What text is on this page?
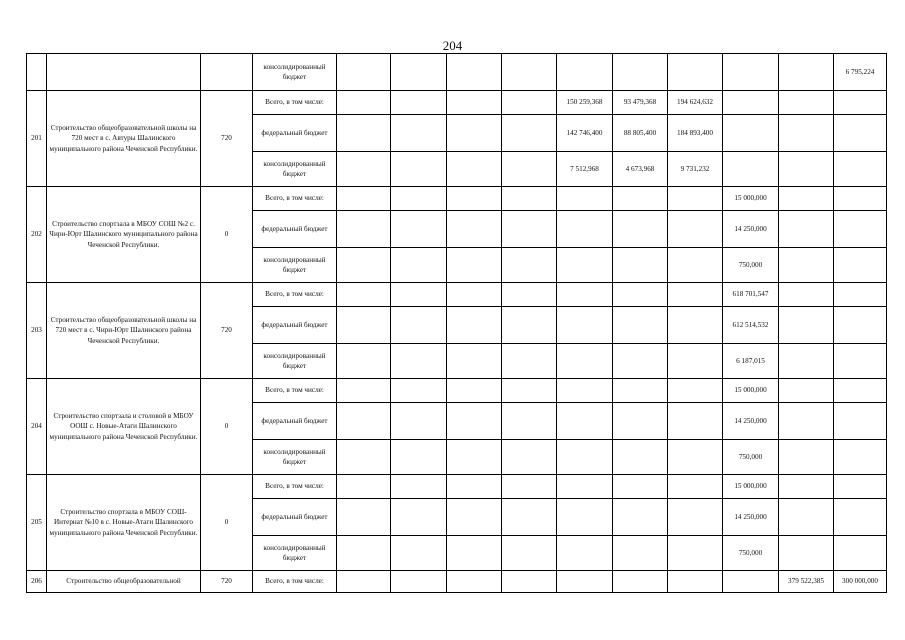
204
			консолидированный бюджет										6 795,224
201	Строительство общеобразовательной школы на 720 мест в с. Автуры Шалинского муниципального района Чеченской Республики.	720	Всего, в том числе:					150 259,368	93 479,368	194 624,632			
			федеральный бюджет					142 746,400	88 805,400	184 893,400			
			консолидированный бюджет					7 512,968	4 673,968	9 731,232			
202	Строительство спортзала в МБОУ СОШ №2 с. Чири-Юрт Шалинского муниципального района Чеченской Республики.	0	Всего, в том числе:								15 000,000		
			федеральный бюджет								14 250,000		
			консолидированный бюджет								750,000		
203	Строительство общеобразовательной школы на 720 мест в с. Чири-Юрт Шалинского района Чеченской Республики.	720	Всего, в том числе:								618 701,547		
			федеральный бюджет								612 514,532		
			консолидированный бюджет								6 187,015		
204	Строительство спортзала и столовой в МБОУ ООШ с. Новые-Атаги Шалинского муниципального района Чеченской Республики.	0	Всего, в том числе:								15 000,000		
			федеральный бюджет								14 250,000		
			консолидированный бюджет								750,000		
205	Строительство спортзала в МБОУ СОШ-Интернат №10 в с. Новые-Атаги Шалинского муниципального района Чеченской Республики.	0	Всего, в том числе:								15 000,000		
			федеральный бюджет								14 250,000		
			консолидированный бюджет								750,000		
206	Строительство общеобразовательной	720	Всего, в том числе:									379 522,385	300 000,000
